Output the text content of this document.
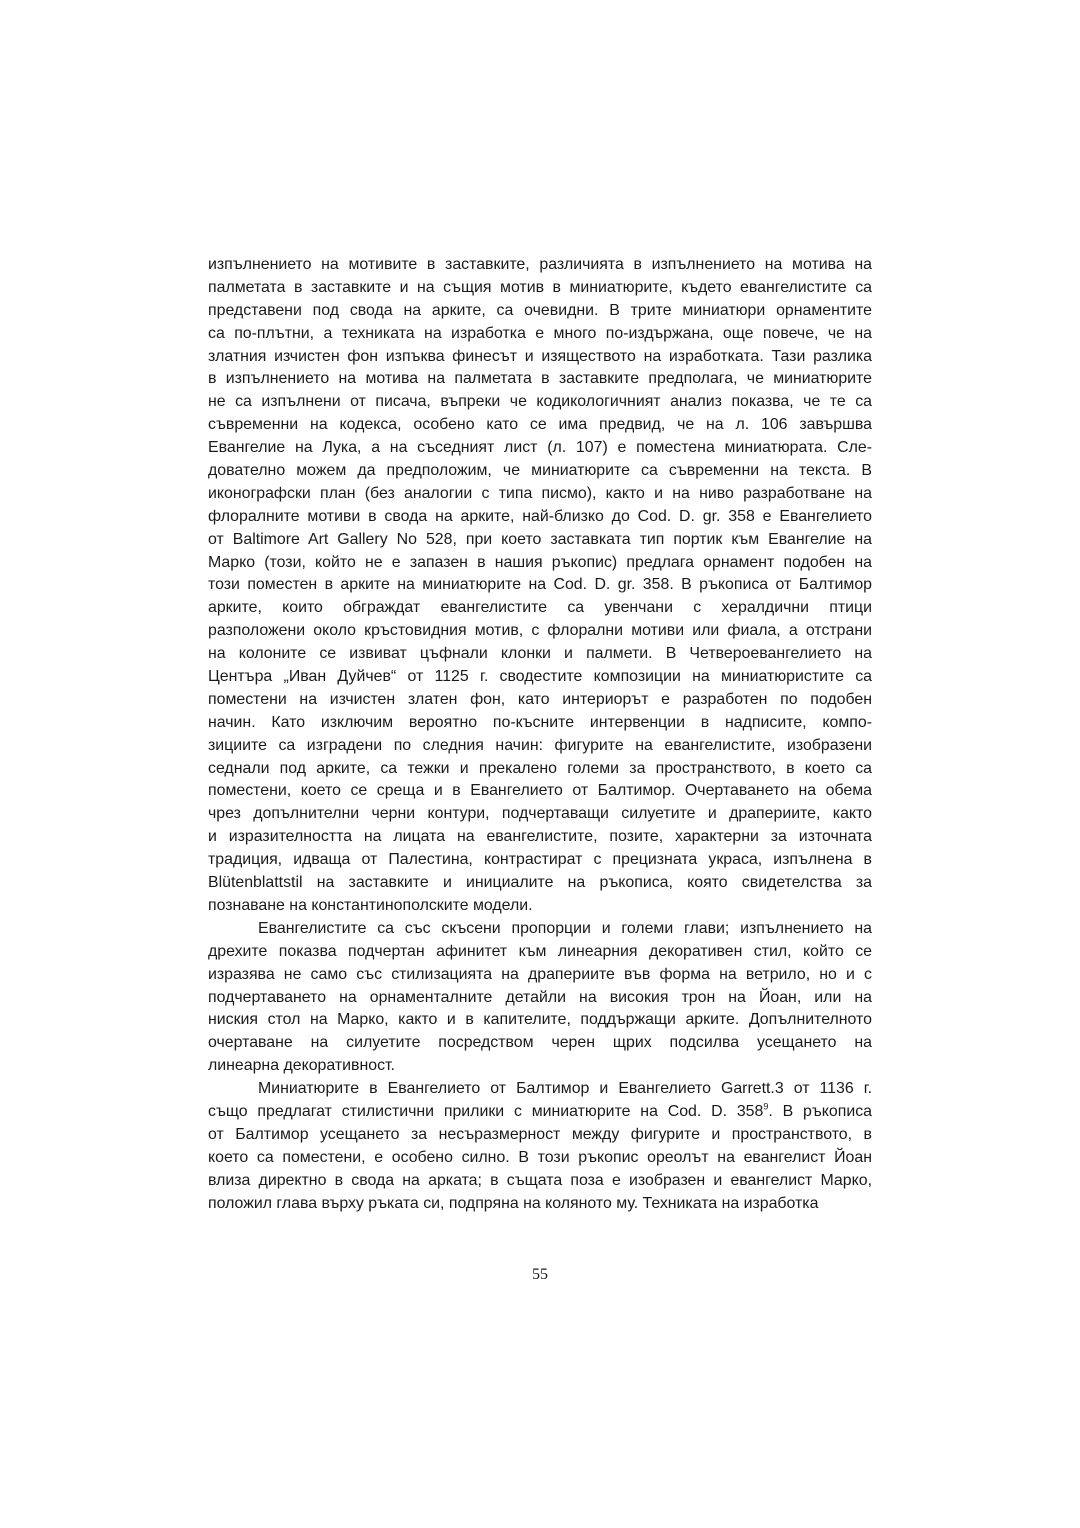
изпълнението на мотивите в заставките, различията в изпълнението на мотива на
палметата в заставките и на същия мотив в миниатюрите, където евангелистите са
представени под свода на арките, са очевидни. В трите миниатюри орнаментите
са по-плътни, а техниката на изработка е много по-издържана, още повече, че на
златния изчистен фон изпъква финесът и изяществото на изработката. Тази разлика
в изпълнението на мотива на палметата в заставките предполага, че миниатюрите
не са изпълнени от писача, въпреки че кодикологичният анализ показва, че те са
съвременни на кодекса, особено като се има предвид, че на л. 106 завършва
Евангелие на Лука, а на съседният лист (л. 107) е поместена миниатюрата. Сле-
дователно можем да предположим, че миниатюрите са съвременни на текста. В
иконографски план (без аналогии с типа писмо), както и на ниво разработване на
флоралните мотиви в свода на арките, най-близко до Cod. D. gr. 358 е Евангелието
от Baltimore Art Gallery No 528, при което заставката тип портик към Евангелие на
Марко (този, който не е запазен в нашия ръкопис) предлага орнамент подобен на
този поместен в арките на миниатюрите на Cod. D. gr. 358. В ръкописа от Балтимор
арките, които обграждат евангелистите са увенчани с хералдични птици
разположени около кръстовидния мотив, с флорални мотиви или фиала, а отстрани
на колоните се извиват цъфнали клонки и палмети. В Четвероевангелието на
Центъра „Иван Дуйчев“ от 1125 г. сводестите композиции на миниатюристите са
поместени на изчистен златен фон, като интериорът е разработен по подобен
начин. Като изключим вероятно по-късните интервенции в надписите, компо-
зициите са изградени по следния начин: фигурите на евангелистите, изобразени
седнали под арките, са тежки и прекалено големи за пространството, в което са
поместени, което се среща и в Евангелието от Балтимор. Очертаването на обема
чрез допълнителни черни контури, подчертаващи силуетите и драпериите, както
и изразителността на лицата на евангелистите, позите, характерни за източната
традиция, идваща от Палестина, контрастират с прецизната украса, изпълнена в
Blütenblattstil на заставките и инициалите на ръкописа, която свидетелства за
познаване на константинополските модели.
Евангелистите са със скъсени пропорции и големи глави; изпълнението на
дрехите показва подчертан афинитет към линеарния декоративен стил, който се
изразява не само със стилизацията на драпериите във форма на ветрило, но и с
подчертаването на орнаменталните детайли на високия трон на Йоан, или на
ниския стол на Марко, както и в капителите, поддържащи арките. Допълнителното
очертаване на силуетите посредством черен щрих подсилва усещането на
линеарна декоративност.
Миниатюрите в Евангелието от Балтимор и Евангелието Garrett.3 от 1136 г.
също предлагат стилистични прилики с миниатюрите на Cod. D. $358^9$. В ръкописа
от Балтимор усещането за несъразмерност между фигурите и пространството, в
което са поместени, е особено силно. В този ръкопис ореолът на евангелист Йоан
влиза директно в свода на арката; в същата поза е изобразен и евангелист Марко,
положил глава върху ръката си, подпряна на коляното му. Техниката на изработка
55
